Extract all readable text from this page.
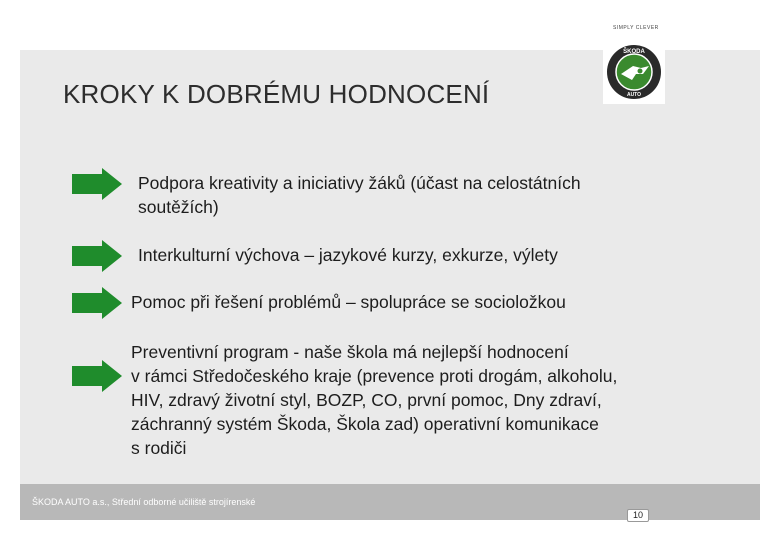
SIMPLY CLEVER
ŠKODA
AUTO
KROKY K DOBRÉMU HODNOCENÍ
Podpora kreativity a iniciativy žáků (účast na celostátních
soutěžích)
Interkulturní výchova – jazykové kurzy, exkurze, výlety
Pomoc při řešení problémů – spolupráce se socioložkou
Preventivní program - naše škola má nejlepší hodnocení
v rámci Středočeského kraje (prevence proti drogám, alkoholu,
HIV, zdravý životní styl, BOZP, CO, první pomoc, Dny zdraví,
záchranný systém Škoda, Škola zad) operativní komunikace
s rodiči
ŠKODA AUTO a.s., Střední odborné učiliště strojírenské
10
